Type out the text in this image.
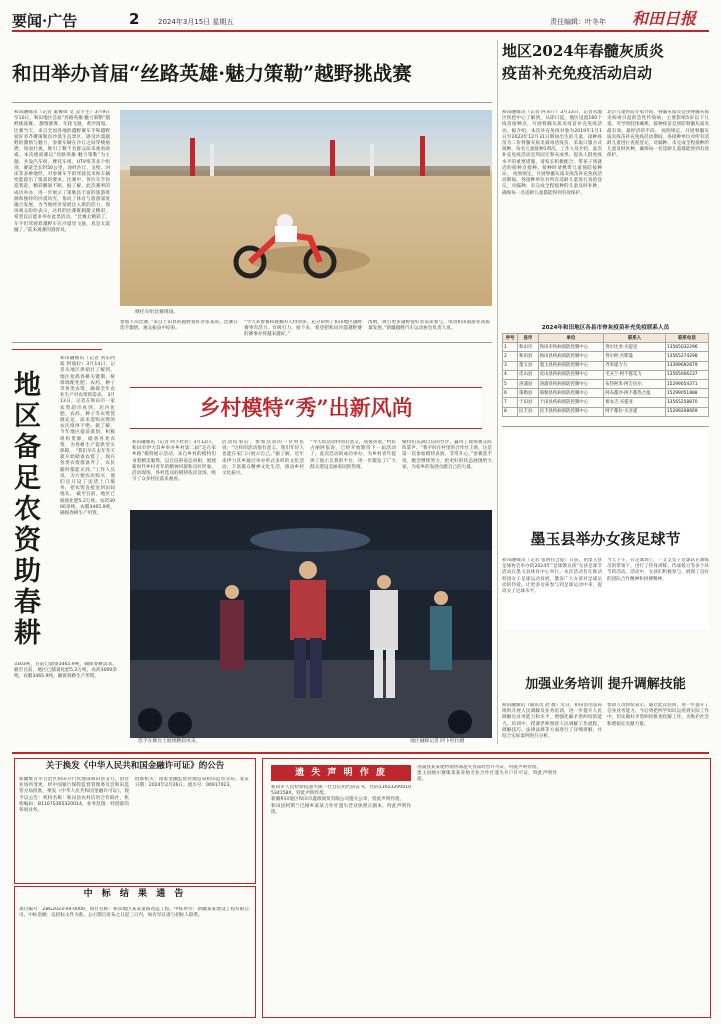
要闻·广告	2	2024年3月15日 星期五	责任编辑：叶冬年 和田日报
和田举办首届“丝路英雄·魅力策勒”越野挑战赛
和田融媒讯（记者 董俊锋 文 吴宇生）3月9日至10日，和田地区首届“丝路英雄·魅力策勒”越野挑战赛。 激情澎湃，车轮飞驰，黄沙漫漫。比赛当天，来自全国各地的越野赛车手和越野爱好者齐聚策勒县沙漠生态景区，感受沙漠越野的激情与魅力，参赛车辆在沙丘之间穿梭驰骋，场面壮观，吸引了数千名群众前来观看助威。本次挑战赛以“丝路英雄·魅力策勒”为主题，共设汽车组、摩托车组、UTV组等多个组别，赛道全长约50公里，途经沙丘、戈壁、河床等多种地形，对参赛车手的驾驶技术和车辆性能提出了很高的要求。比赛中，各位车手你追我赶，精彩瞬间不断。据了解，此次赛事的成功举办，进一步展示了策勒县丰富的旅游资源和独特的沙漠风光，推动了体育与旅游深度融合发展，为当地经济发展注入新的活力。现场观众纷纷表示，这样的比赛既刺激又精彩，希望以后能多举办此类活动。“比赛太精彩了，车手们驾驶着越野车在沙漠里飞驰，真是太震撼了。”前来观赛的游客说。
摩托车组比赛现场。
参加下次比赛。”来自于田县的越野爱好者张某说。比赛在选手激情、观众振奋中结束。
“今天来参赛和观赛的人特别多，充分说明了和田地区越野赛事有活力，有吸引力。接下来，希望把和田沙漠越野赛的赛事办得越来越好。”
汤姆，吸引更多越野爱好者前来参与，带动和田旅游业高质量发展。”新疆越野汽车运动协会负责人说。
地区2024年春髓灰质炎
疫苗补充免疫活动启动
和田融媒讯（记者 阿来斤）3月13日，记者从地区疾控中心了解到，从即日起，地区设置160个疫苗接种点，开展脊髓灰质炎疫苗补充免疫活动。据介绍，本次补充免疫对象为2019年1月1日至2023年12月31日期间出生的儿童。接种疫苗为二价脊髓灰质炎减毒活疫苗，采取口服方式接种，每名儿童接种1剂次。工作人员介绍，此次补充免疫活动是巩固无脊灰成果、提高人群免疫水平的重要措施，请家长积极配合，带孩子到就近的接种点接种。接种时请携带儿童预防接种证。 按照规定，开展脊髓灰质炎疫苗补充免疫活动期间，各接种单位对所有适龄儿童进行查验登记，对漏种、未完成全程接种的儿童及时补种，确保每一名适龄儿童都能得到有效保护。
北京儿童医院专家介绍，脊髓灰质炎是由脊髓灰质炎病毒引起的急性传染病，主要影响5岁以下儿童，可导致肢体瘫痪。接种疫苗是预防脊髓灰质炎最有效、最经济的手段。 按照规定，开展脊髓灰质炎疫苗补充免疫活动期间，各接种单位对所有适龄儿童进行查验登记，对漏种、未完成全程接种的儿童及时补种，确保每一名适龄儿童都能得到有效保护。
2024年和田地区各县市脊灰疫苗补充免疫联系人员
序号	县市	单位	联系人	联系电话
1	和田市	和田市疾病预防控制中心	努尔比亚·买提克	13565032296
2	和田县	和田县疾病预防控制中心	努尔阿·吾斯曼	13565274298
3	墨玉县	墨玉县疾病预防控制中心	齐米提力力	13399692879
4	皮山县	皮山县疾病预防控制中心	毛买兰·阿不都艾力	13565006237
5	洛浦县	洛浦县疾病预防控制中心	布热阿米·阿吉拉尔	15299054371
6	策勒县	策勒县疾病预防控制中心	阿布都沙·阿不都热合曼	15299051888
7	于田县	于田县疾病预防控制中心	祖农吉·买提亚	13565258870
8	民丰县	民丰县疾病预防控制中心	阿不都拉·买吾提	15299208669
地区备足农资助春耕
和田融媒讯（记者 黄东阿迪 阿迪拉）3月14日，记者从地区供销社了解到，地区抢抓春耕关键期，统筹调配化肥、农药、种子等各类农资，确保全年农业生产对农资的需求。 3月13日，记者在和田市一家农资超市看到，店内化肥、农药、种子等农资货源充足，前来选购农资的农民络绎不绝。据了解，今年地区提前谋划，积极组织货源，储备各类农资，为春耕生产提供坚实保障。 “我们早在去年冬天就开始储备农资了，现在各类农资都备齐了，农民随时都能买到。”工作人员说，为方便农民购买，他们还开设了送货上门服务，把农资直接送到田间地头。 截至目前，地区已储备化肥5.2万吨、农药3000余吨、农膜3465.9吨，确保春耕生产用资。
3303吨，目前已储备3465.9吨，确保春耕需求。 截至目前，地区已储备化肥5.2万吨、农药3000余吨、农膜3465.9吨，确保春耕生产用资。
乡村模特“秀”出新风尚
和田融媒讯（记者 阿卜杜拉）3月12日，和田市伊力其乡举办乡村第二届“走在家乡路”模特展示活动，来自乡村的模特们身着精美服饰，以自信的姿态亮相，展现新时代乡村青年的精神风貌和良好形象。活动现场，各村选送的模特依次登场，吸引了众多村民前来观看。
活动结束后，参加活动的一位村民说：“这样的活动很有意义，我们年轻人也能在家门口展示自己。”据了解，近年来伊力其乡通过举办形式多样的文化活动，丰富群众精神文化生活，推动乡村文化振兴。
“今天的活动特别有意义，我很喜欢。”村民古丽阿依说，已经开始期待下一届活动了。此次活动的成功举办，为乡村青年提供了展示自我的平台，进一步激发了广大群众建设美丽家园的热情。
模特们充满自信的台步，赢得了现场观众阵阵掌声。“我平时在村里的合作社上班，这是第一次参加模特表演，非常开心。”参赛选手说，她会继续努力，把更好的状态展现给大家，为家乡的发展贡献自己的力量。
选手在舞台上展现精彩风采。	地区融媒记者 阿卜杜拉摄
墨玉县举办女孩足球节
和田融媒讯（记者 依明托合提）日前，由墨玉县足球协会举办的2024年“足球教女孩”女孩足球节活动在墨玉县体育中心举行。本次活动旨在推动校园女子足球运动发展，激发广大女孩对足球运动的热爱，让更多女孩参与到足球运动中来，提高女子足球水平。
当天下午，在足球场上，一支支女子足球队在教练员的带领下，进行了热身训练、传球接力等多个环节的活动。活动中，女孩们积极参与，展现了良好的团队合作精神和拼搏精神。
加强业务培训 提升调解技能
和田融媒讯（通讯员 赵 薇）近日，和田县司法局组织开展人民调解员业务培训，进一步提升人民调解员业务能力和水平，增强化解矛盾纠纷的能力。培训中，授课老师围绕人民调解工作流程、调解技巧、法律法规等方面进行了详细讲解，并结合实际案例进行分析。
参训人员纷纷表示，通过此次培训，进一步提升了自身业务能力，今后将把所学知识运用到实际工作中，切实做好矛盾纠纷排查化解工作，为维护社会和谐稳定贡献力量。
关于换发《中华人民共和国金融许可证》的公告
新疆维吾尔自治区和田分行管理部和田县支行，因营业场所变更，经中国银行保险监督管理委员会和田监管分局批准，换发《中华人民共和国金融许可证》，现予以公告：机构名称：和田县农村信用合作联社，机构编码：B1167S365320014，业务范围：经批准的各项业务。
批准机关：国家金融监督管理总局和田监管分局。发证日期：2024年2月26日。流水号：00917023。
中 标 结 果 通 告
项目编号：ZBG2023-04-0000，项目名称：和田地区某某道路改造工程。中标单位：新疆某某建设工程有限公司。中标金额：以招标文件为准。公示期自发布之日起三日内，如有异议请与招标人联系。
遗 失 声 明 作 废
和田市人民检察院遗失统一社会信用代码证书，代码11653200010534158X，特此声明作废。
新疆和田地区和田市鑫源商贸有限公司遗失公章，特此声明作废。
和田县阿斯兰巴格乡某某合作社遗失营业执照正副本，特此声明作废。
洛浦县某某建材销售部遗失食品经营许可证，特此声明作废。
墨玉县喀尔赛镇某某养殖专业合作社遗失开户许可证，特此声明作废。
